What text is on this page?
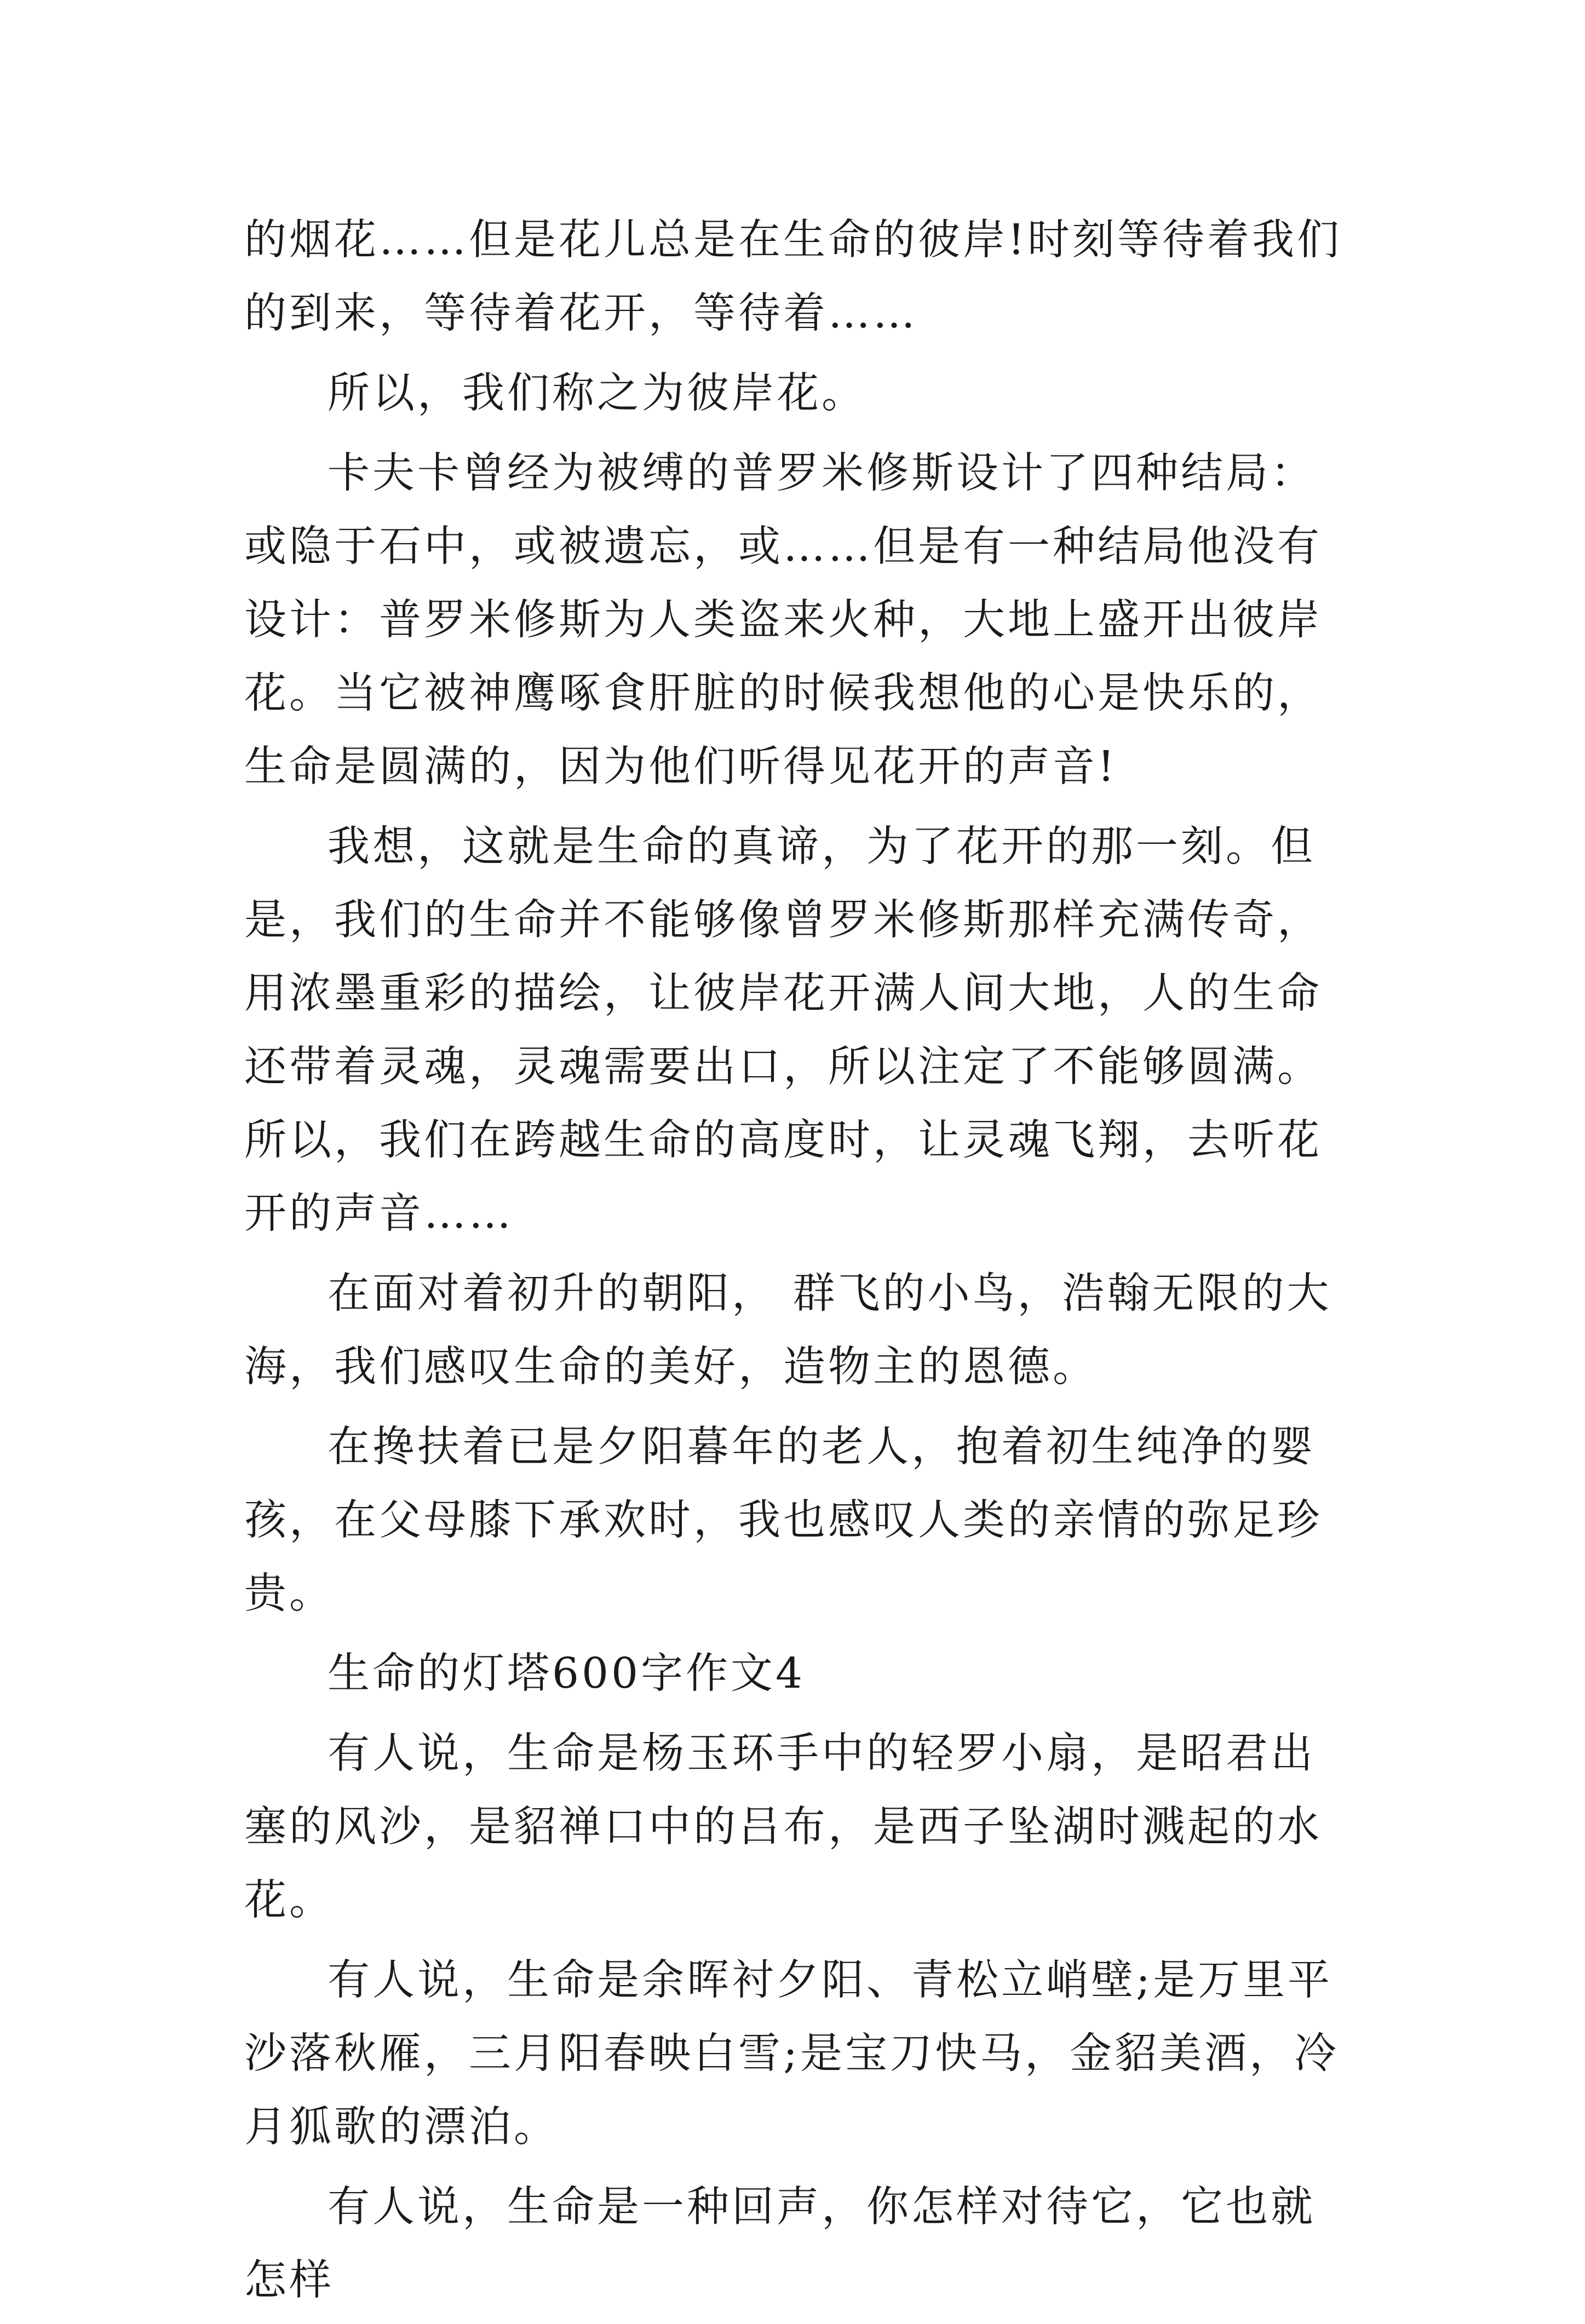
的烟花……但是花儿总是在生命的彼岸!时刻等待着我们的到来，等待着花开，等待着……

所以，我们称之为彼岸花。

卡夫卡曾经为被缚的普罗米修斯设计了四种结局：或隐于石中，或被遗忘，或……但是有一种结局他没有设计：普罗米修斯为人类盗来火种，大地上盛开出彼岸花。当它被神鹰啄食肝脏的时候我想他的心是快乐的，生命是圆满的，因为他们听得见花开的声音!

我想，这就是生命的真谛，为了花开的那一刻。但是，我们的生命并不能够像曾罗米修斯那样充满传奇，用浓墨重彩的描绘，让彼岸花开满人间大地，人的生命还带着灵魂，灵魂需要出口，所以注定了不能够圆满。所以，我们在跨越生命的高度时，让灵魂飞翔，去听花开的声音……

在面对着初升的朝阳， 群飞的小鸟，浩翰无限的大海，我们感叹生命的美好，造物主的恩德。

在搀扶着已是夕阳暮年的老人，抱着初生纯净的婴孩，在父母膝下承欢时，我也感叹人类的亲情的弥足珍贵。

生命的灯塔600字作文4

有人说，生命是杨玉环手中的轻罗小扇，是昭君出塞的风沙，是貂禅口中的吕布，是西子坠湖时溅起的水花。

有人说，生命是余晖衬夕阳、青松立峭壁;是万里平沙落秋雁，三月阳春映白雪;是宝刀快马，金貂美酒，冷月狐歌的漂泊。

有人说，生命是一种回声，你怎样对待它，它也就怎样
